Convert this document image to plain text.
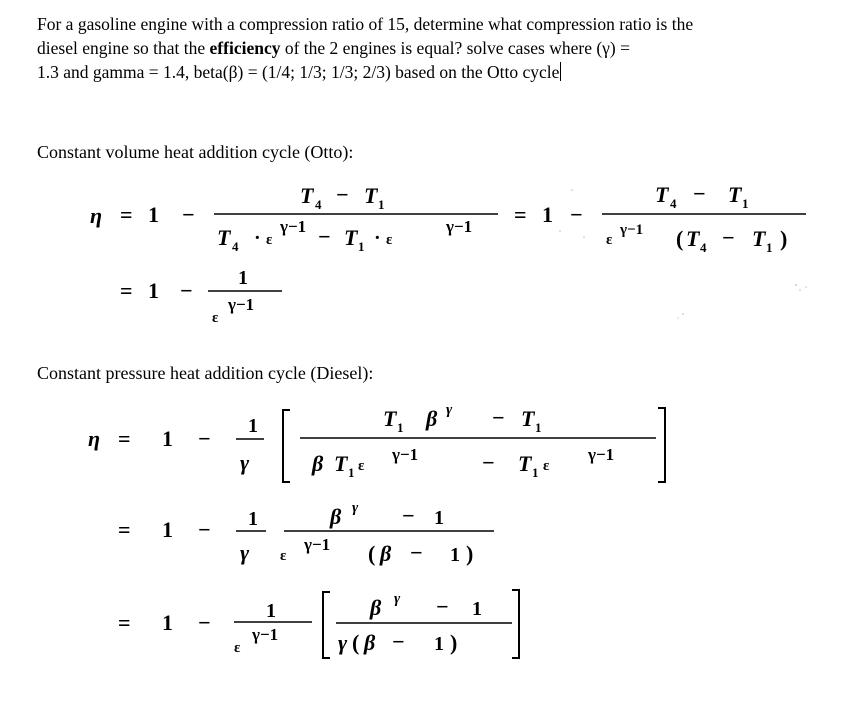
For a gasoline engine with a compression ratio of 15, determine what compression ratio is the
diesel engine so that the efficiency of the 2 engines is equal? solve cases where (γ) =
1.3 and gamma = 1.4, beta(β) = (1/4; 1/3; 1/3; 2/3) based on the Otto cycle
Constant volume heat addition cycle (Otto):
Constant pressure heat addition cycle (Diesel):
η = 1 −
T 4 − T 1
T 4 · ε
γ−1 − T 1 · ε
γ−1 = 1 −
T 4 − T 1
ε
γ−1 ( T 4 − T 1 )
= 1 − 1
ε
γ−1
η = 1 − 1
γ
T 1 β γ − T 1
β T 1 ε
γ−1	− T 1 ε
γ−1
= 1 − 1
γ
β γ − 1
ε
γ−1 ( β − 1 )
= 1 −	1
ε
γ−1
β γ − 1
γ ( β − 1 )
